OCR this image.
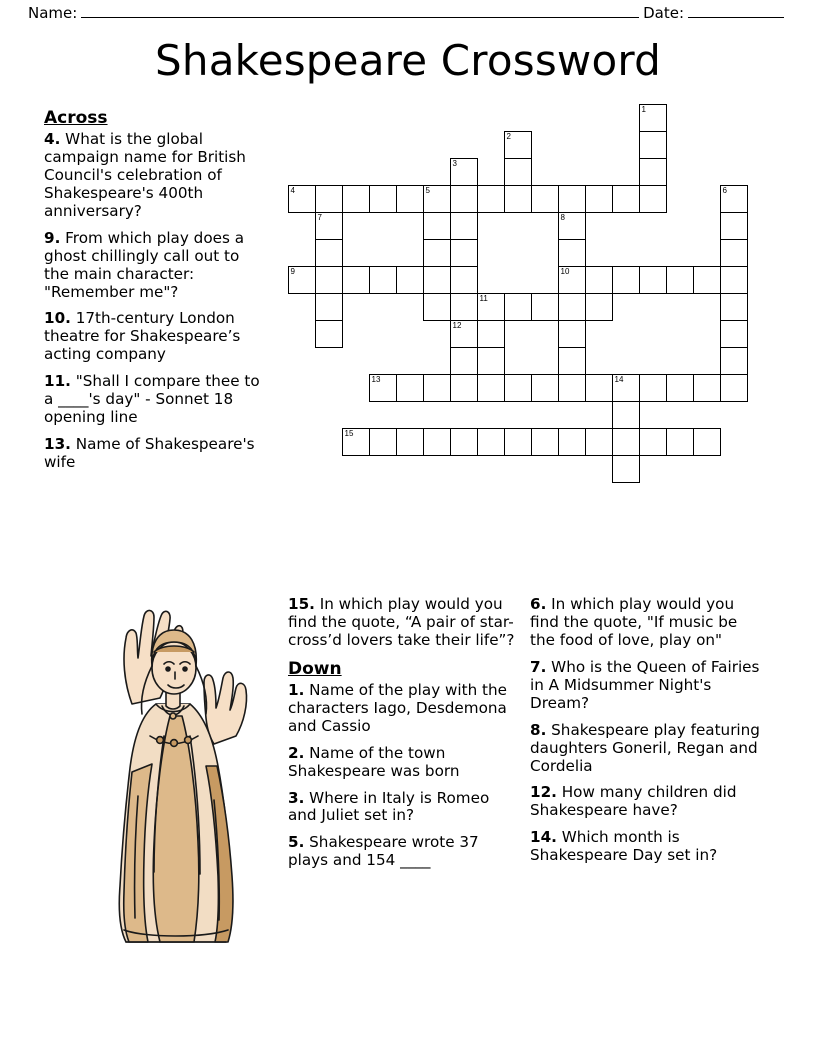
Name:	Date:
Shakespeare Crossword
Across
4. What is the global campaign name for British Council's celebration of Shakespeare's 400th anniversary?
9. From which play does a ghost chillingly call out to the main character: "Remember me"?
10. 17th-century London theatre for Shakespeare’s acting company
11. "Shall I compare thee to a ____'s day" - Sonnet 18 opening line
13. Name of Shakespeare's wife
15. In which play would you find the quote, “A pair of star-cross’d lovers take their life”?
Down
1. Name of the play with the characters Iago, Desdemona and Cassio
2. Name of the town Shakespeare was born
3. Where in Italy is Romeo and Juliet set in?
5. Shakespeare wrote 37 plays and 154 ____
6. In which play would you find the quote, "If music be the food of love, play on"
7. Who is the Queen of Fairies in A Midsummer Night's Dream?
8. Shakespeare play featuring daughters Goneril, Regan and Cordelia
12. How many children did Shakespeare have?
14. Which month is Shakespeare Day set in?
1
2
3
4	5	6
7	8
9	10
11
12
13	14
15
